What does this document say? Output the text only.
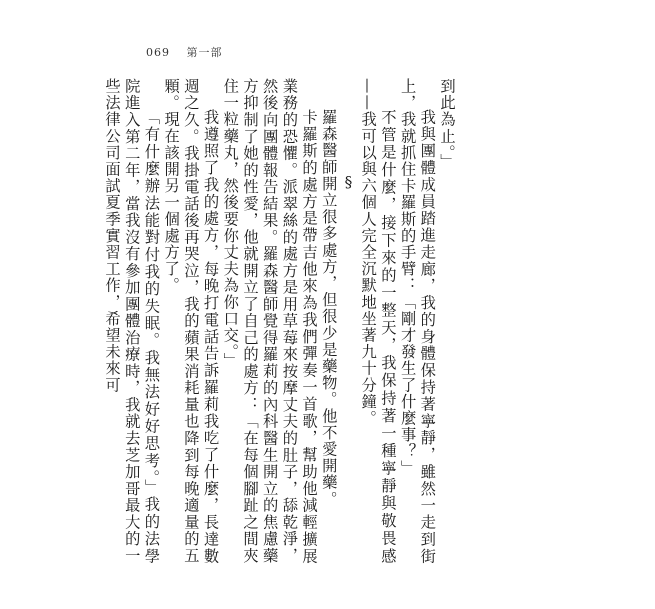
069 第一部

到此為止。」

我與團體成員踏進走廊，我的身體保持著寧靜，雖然一走到街上，我就抓住卡羅斯的手臂：「剛才發生了什麼事？」

不管是什麼，接下來的一整天，我保持著一種寧靜與敬畏感——我可以與六個人完全沉默地坐著九十分鐘。

§

羅森醫師開立很多處方，但很少是藥物。他不愛開藥。

卡羅斯的處方是帶吉他來為我們彈奏一首歌，幫助他減輕擴展業務的恐懼。派翠絲的處方是用草莓來按摩丈夫的肚子，舔乾淨，然後向團體報告結果。羅森醫師覺得羅莉的內科醫生開立的焦慮藥方抑制了她的性愛，他就開立了自己的處方：「在每個腳趾之間夾住一粒藥丸，然後要你丈夫為你口交。」

我遵照了我的處方，每晚打電話告訴羅莉我吃了什麼，長達數週之久。我掛電話後再哭泣，我的蘋果消耗量也降到每晚適量的五顆。現在該開另一個處方了。

「有什麼辦法能對付我的失眠。我無法好好思考。」我的法學院進入第二年，當我沒有參加團體治療時，我就去芝加哥最大的一些法律公司面試夏季實習工作，希望未來可
